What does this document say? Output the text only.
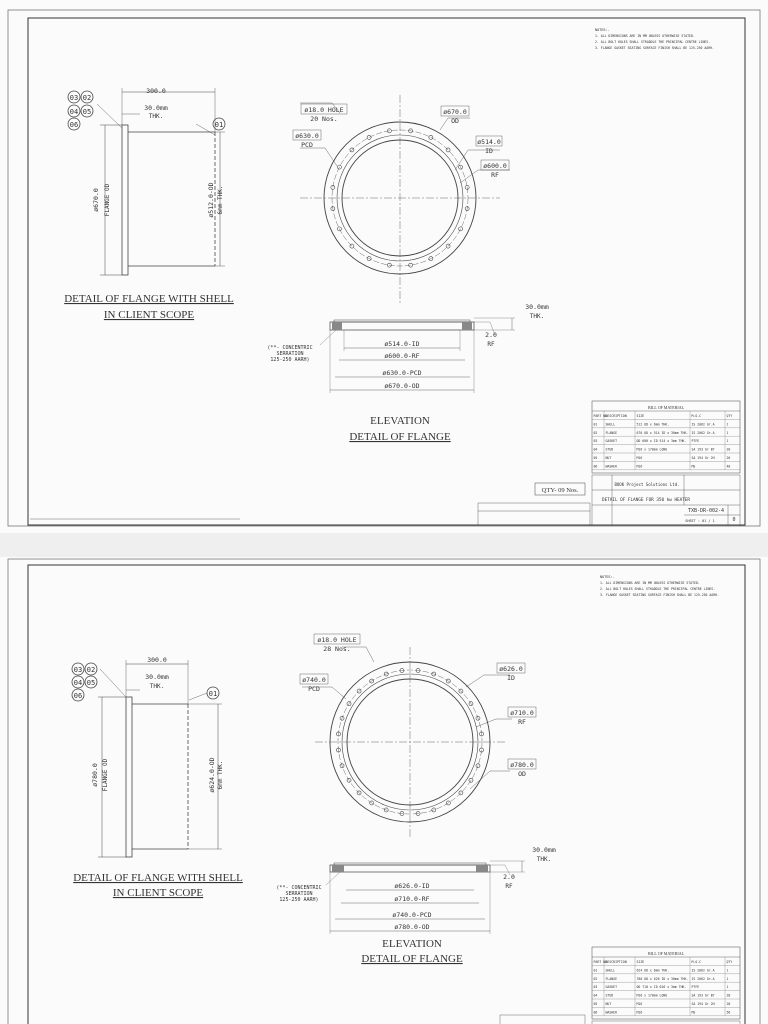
NOTES:-
1. ALL DIMENSIONS ARE IN MM UNLESS OTHERWISE STATED.
2. ALL BOLT HOLES SHALL STRADDLE THE PRINCIPAL CENTRE LINES.
3. FLANGE GASKET SEATING SURFACE FINISH SHALL BE 125-250 AARH.
03 02
04 05
06	01
300.0
30.0mm
THK.
ø670.0 FLANGE OD	ø512.0-OD 6mm THK.
DETAIL OF FLANGE WITH SHELL
IN CLIENT SCOPE
ø18.0 HOLE
20 Nos.
ø630.0
PCD
ø670.0
OD
ø514.0
ID
ø600.0
RF
30.0mm
THK.
2.0
RF
(**- CONCENTRIC
SERRATION
125-250 AARH)
ø514.0-ID
ø600.0-RF
ø630.0-PCD
ø670.0-OD
ELEVATION
DETAIL OF FLANGE
QTY- 09 Nos.
BILL OF MATERIAL
PART NO.
DESCRIPTION	SIZE	M.O.C	QTY
01	SHELL	512 OD x 6mm THK.	IS 2062 Gr.A	1
02	FLANGE	670 OD x 514 ID x 30mm THK. IS 2062 Gr.A	1
03	GASKET	OD 600 x ID 514 x 3mm THK. PTFE	1
04	STUD	M16 x 170mm LONG	SA 193 Gr B7	20
05	NUT	M16	SA 194 Gr 2H	20
06	WASHER	M16	MS	40
BOOK Project Solutions Ltd.
DETAIL OF FLANGE FOR 350 kw HEATER
TXB-DR-002-4
0
SHEET : 01 / 1
NOTES:-
1. ALL DIMENSIONS ARE IN MM UNLESS OTHERWISE STATED.
2. ALL BOLT HOLES SHALL STRADDLE THE PRINCIPAL CENTRE LINES.
3. FLANGE GASKET SEATING SURFACE FINISH SHALL BE 125-250 AARH.
03 02
04 05
06	01
300.0
30.0mm
THK.
ø780.0 FLANGE OD	ø624.0-OD 6mm THK.
DETAIL OF FLANGE WITH SHELL
IN CLIENT SCOPE
ø18.0 HOLE
28 Nos.
ø740.0
PCD
ø626.0
ID
ø710.0
RF
ø780.0
OD
30.0mm
THK.
2.0
RF
(**- CONCENTRIC
SERRATION
125-250 AARH)
ø626.0-ID
ø710.0-RF
ø740.0-PCD
ø780.0-OD
ELEVATION
DETAIL OF FLANGE	BILL OF MATERIAL
PART NO.
DESCRIPTION	SIZE	M.O.C	QTY
01	SHELL	624 OD x 6mm THK.	IS 2062 Gr.A	1
02	FLANGE	780 OD x 626 ID x 30mm THK. IS 2062 Gr.A	1
03	GASKET	OD 710 x ID 626 x 3mm THK. PTFE	1
04	STUD	M16 x 170mm LONG	SA 193 Gr B7	28
05	NUT	M16	SA 194 Gr 2H	28
06	WASHER	M16	MS	56
